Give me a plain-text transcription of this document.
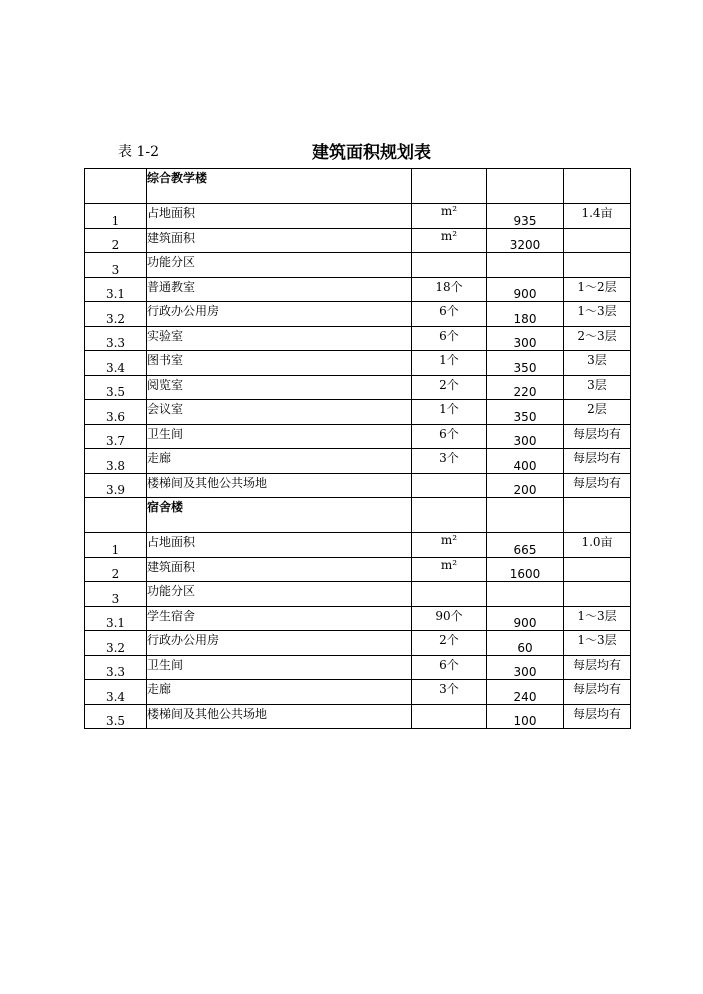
表 1-2	建筑面积规划表
	综合教学楼			
1	占地面积	m²	935	1.4亩
2	建筑面积	m²	3200	
3	功能分区			
3.1	普通教室	18个	900	1～2层
3.2	行政办公用房	6个	180	1～3层
3.3	实验室	6个	300	2～3层
3.4	图书室	1个	350	3层
3.5	阅览室	2个	220	3层
3.6	会议室	1个	350	2层
3.7	卫生间	6个	300	每层均有
3.8	走廊	3个	400	每层均有
3.9	楼梯间及其他公共场地		200	每层均有
	宿舍楼			
1	占地面积	m²	665	1.0亩
2	建筑面积	m²	1600	
3	功能分区			
3.1	学生宿舍	90个	900	1～3层
3.2	行政办公用房	2个	60	1～3层
3.3	卫生间	6个	300	每层均有
3.4	走廊	3个	240	每层均有
3.5	楼梯间及其他公共场地		100	每层均有
